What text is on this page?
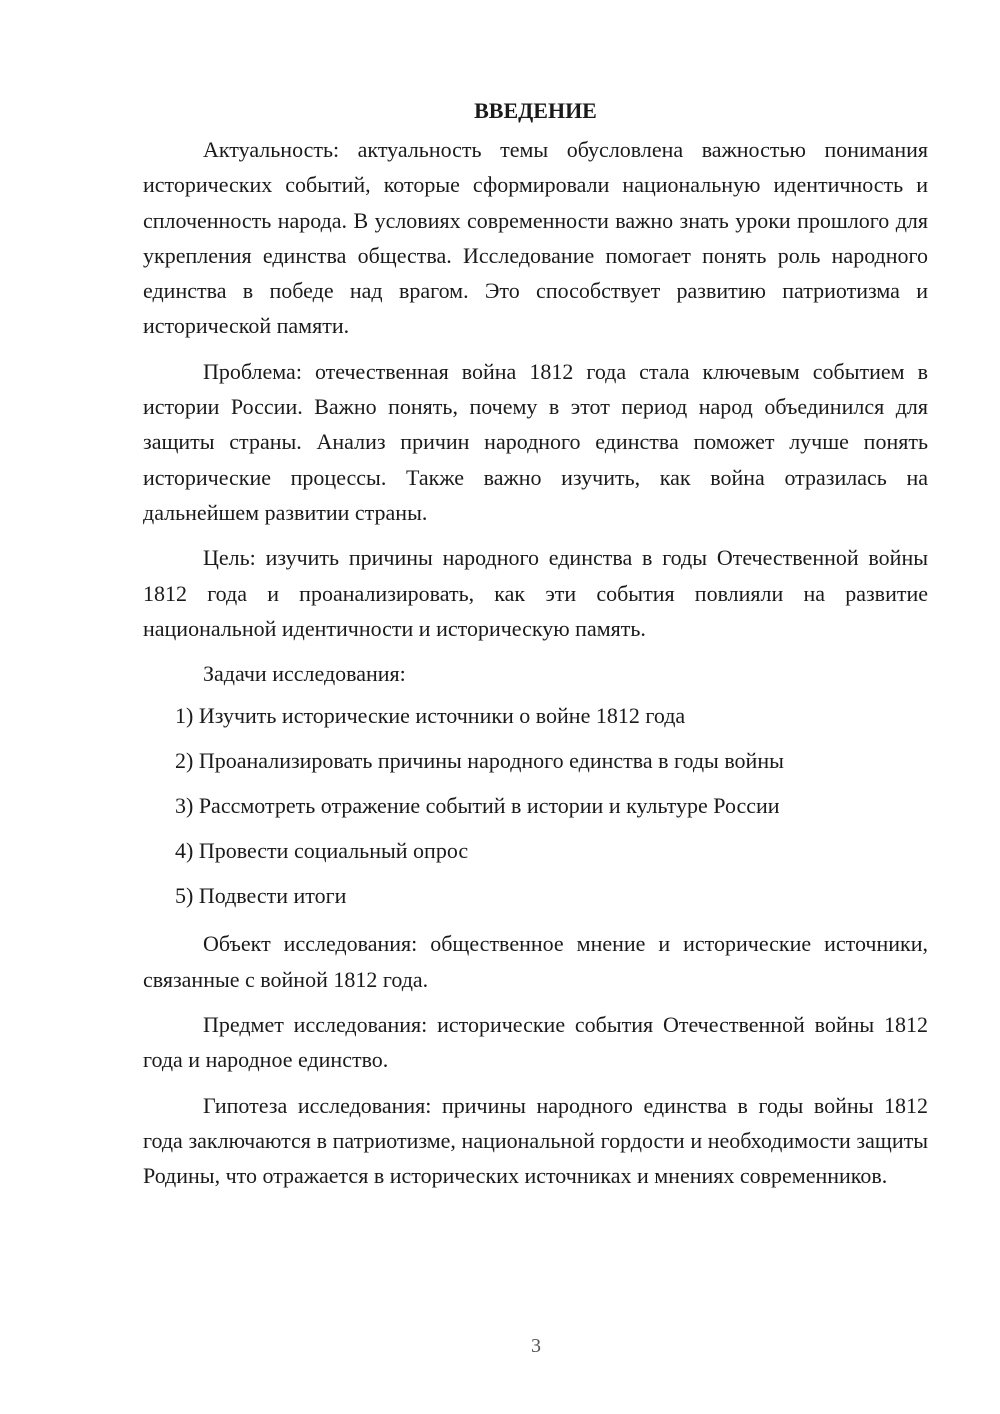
ВВЕДЕНИЕ

Актуальность: актуальность темы обусловлена важностью понимания исторических событий, которые сформировали национальную идентичность и сплоченность народа. В условиях современности важно знать уроки прошлого для укрепления единства общества. Исследование помогает понять роль народного единства в победе над врагом. Это способствует развитию патриотизма и исторической памяти.

Проблема: отечественная война 1812 года стала ключевым событием в истории России. Важно понять, почему в этот период народ объединился для защиты страны. Анализ причин народного единства поможет лучше понять исторические процессы. Также важно изучить, как война отразилась на дальнейшем развитии страны.

Цель: изучить причины народного единства в годы Отечественной войны 1812 года и проанализировать, как эти события повлияли на развитие национальной идентичности и историческую память.

Задачи исследования:

1) Изучить исторические источники о войне 1812 года
2) Проанализировать причины народного единства в годы войны
3) Рассмотреть отражение событий в истории и культуре России
4) Провести социальный опрос
5) Подвести итоги

Объект исследования: общественное мнение и исторические источники, связанные с войной 1812 года.

Предмет исследования: исторические события Отечественной войны 1812 года и народное единство.

Гипотеза исследования: причины народного единства в годы войны 1812 года заключаются в патриотизме, национальной гордости и необходимости защиты Родины, что отражается в исторических источниках и мнениях современников.

3
